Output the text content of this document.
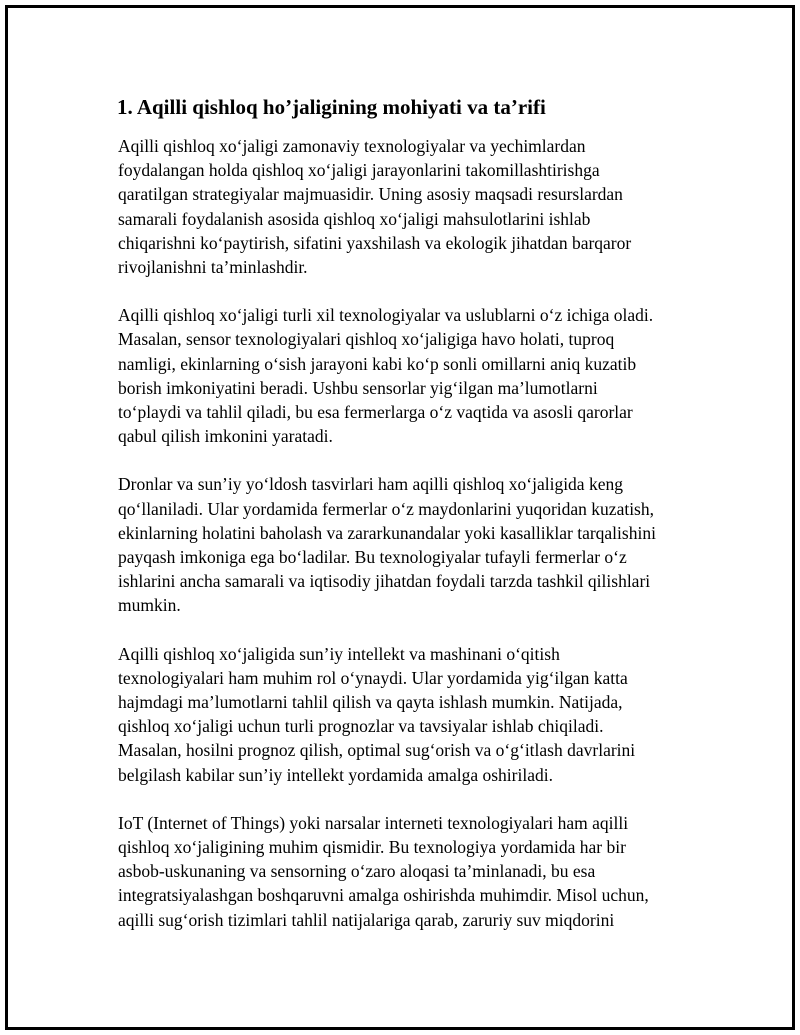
1. Aqilli qishloq ho’jaligining mohiyati va ta’rifi
Aqilli qishloq xo‘jaligi zamonaviy texnologiyalar va yechimlardan
foydalangan holda qishloq xo‘jaligi jarayonlarini takomillashtirishga
qaratilgan strategiyalar majmuasidir. Uning asosiy maqsadi resurslardan
samarali foydalanish asosida qishloq xo‘jaligi mahsulotlarini ishlab
chiqarishni ko‘paytirish, sifatini yaxshilash va ekologik jihatdan barqaror
rivojlanishni ta’minlashdir.
Aqilli qishloq xo‘jaligi turli xil texnologiyalar va uslublarni o‘z ichiga oladi.
Masalan, sensor texnologiyalari qishloq xo‘jaligiga havo holati, tuproq
namligi, ekinlarning o‘sish jarayoni kabi ko‘p sonli omillarni aniq kuzatib
borish imkoniyatini beradi. Ushbu sensorlar yig‘ilgan ma’lumotlarni
to‘playdi va tahlil qiladi, bu esa fermerlarga o‘z vaqtida va asosli qarorlar
qabul qilish imkonini yaratadi.
Dronlar va sun’iy yo‘ldosh tasvirlari ham aqilli qishloq xo‘jaligida keng
qo‘llaniladi. Ular yordamida fermerlar o‘z maydonlarini yuqoridan kuzatish,
ekinlarning holatini baholash va zararkunandalar yoki kasalliklar tarqalishini
payqash imkoniga ega bo‘ladilar. Bu texnologiyalar tufayli fermerlar o‘z
ishlarini ancha samarali va iqtisodiy jihatdan foydali tarzda tashkil qilishlari
mumkin.
Aqilli qishloq xo‘jaligida sun’iy intellekt va mashinani o‘qitish
texnologiyalari ham muhim rol o‘ynaydi. Ular yordamida yig‘ilgan katta
hajmdagi ma’lumotlarni tahlil qilish va qayta ishlash mumkin. Natijada,
qishloq xo‘jaligi uchun turli prognozlar va tavsiyalar ishlab chiqiladi.
Masalan, hosilni prognoz qilish, optimal sug‘orish va o‘g‘itlash davrlarini
belgilash kabilar sun’iy intellekt yordamida amalga oshiriladi.
IoT (Internet of Things) yoki narsalar interneti texnologiyalari ham aqilli
qishloq xo‘jaligining muhim qismidir. Bu texnologiya yordamida har bir
asbob-uskunaning va sensorning o‘zaro aloqasi ta’minlanadi, bu esa
integratsiyalashgan boshqaruvni amalga oshirishda muhimdir. Misol uchun,
aqilli sug‘orish tizimlari tahlil natijalariga qarab, zaruriy suv miqdorini
